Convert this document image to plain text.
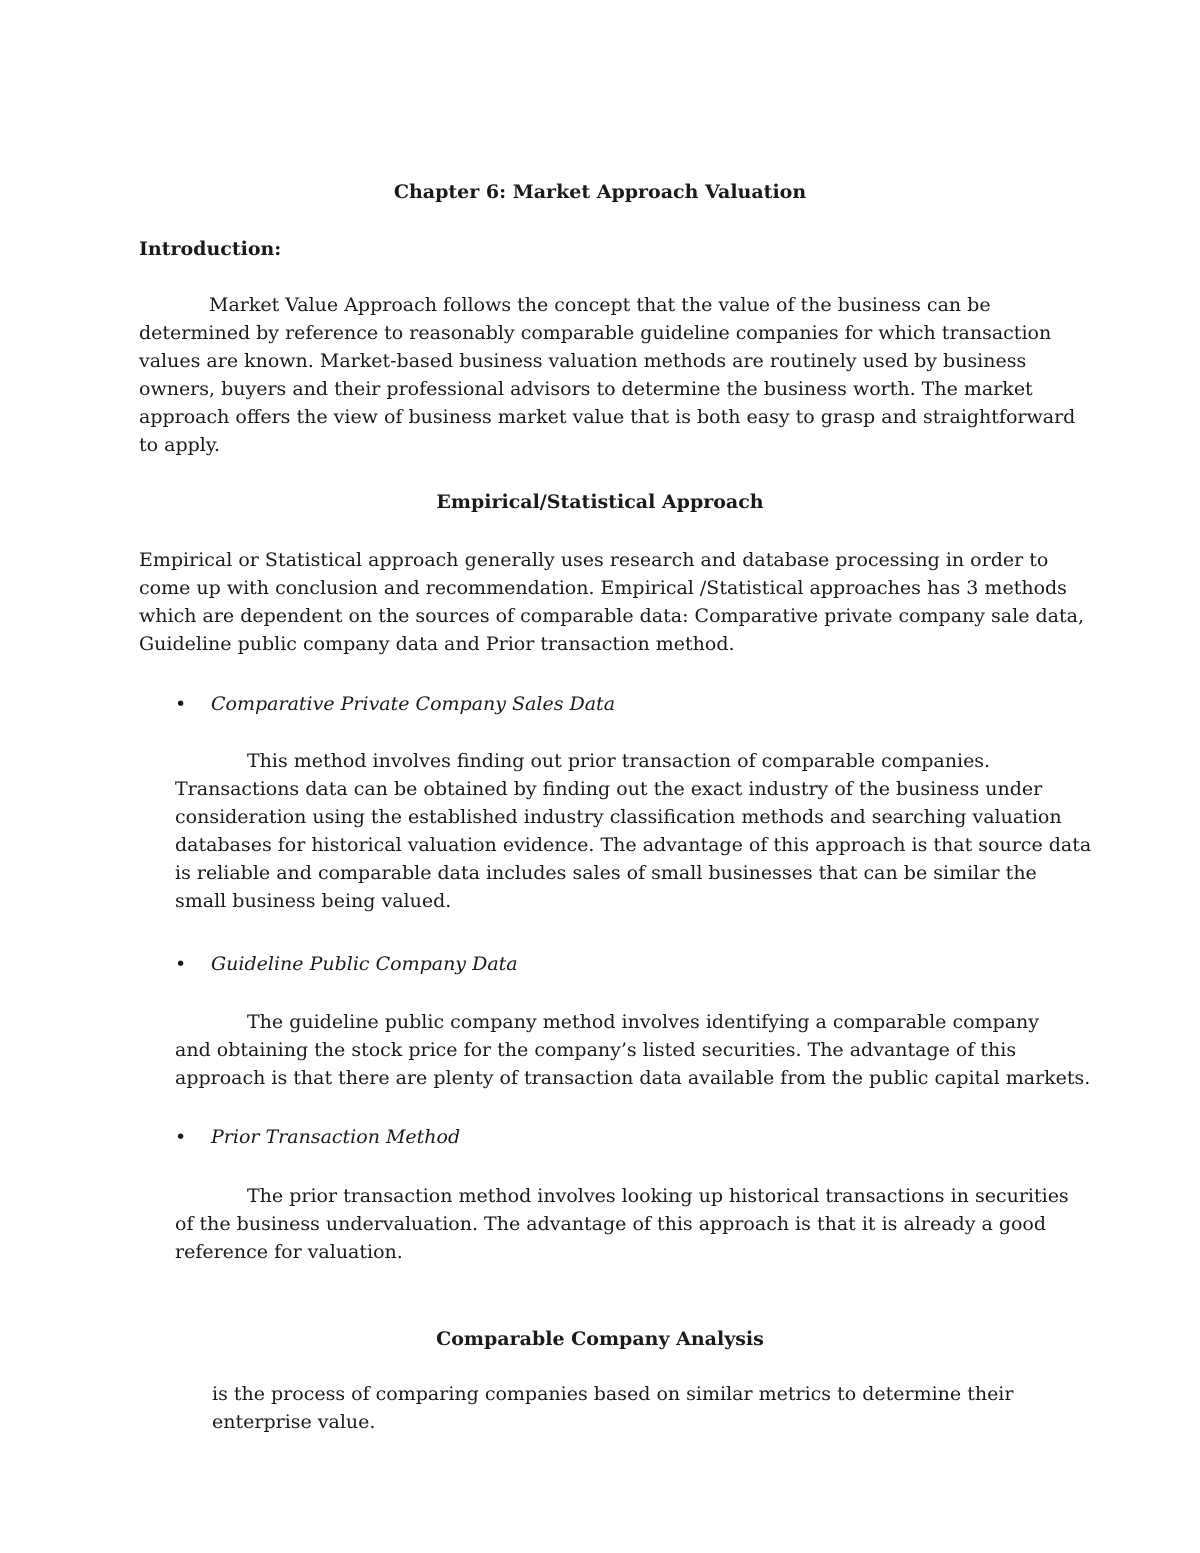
Chapter 6: Market Approach Valuation
Introduction:
Market Value Approach follows the concept that the value of the business can be
determined by reference to reasonably comparable guideline companies for which transaction
values are known. Market-based business valuation methods are routinely used by business
owners, buyers and their professional advisors to determine the business worth. The market
approach offers the view of business market value that is both easy to grasp and straightforward
to apply.
Empirical/Statistical Approach
Empirical or Statistical approach generally uses research and database processing in order to
come up with conclusion and recommendation. Empirical /Statistical approaches has 3 methods
which are dependent on the sources of comparable data: Comparative private company sale data,
Guideline public company data and Prior transaction method.
• Comparative Private Company Sales Data
This method involves finding out prior transaction of comparable companies.
Transactions data can be obtained by finding out the exact industry of the business under
consideration using the established industry classification methods and searching valuation
databases for historical valuation evidence. The advantage of this approach is that source data
is reliable and comparable data includes sales of small businesses that can be similar the
small business being valued.
• Guideline Public Company Data
The guideline public company method involves identifying a comparable company
and obtaining the stock price for the company’s listed securities. The advantage of this
approach is that there are plenty of transaction data available from the public capital markets.
• Prior Transaction Method
The prior transaction method involves looking up historical transactions in securities
of the business undervaluation. The advantage of this approach is that it is already a good
reference for valuation.
Comparable Company Analysis
is the process of comparing companies based on similar metrics to determine their
enterprise value.
